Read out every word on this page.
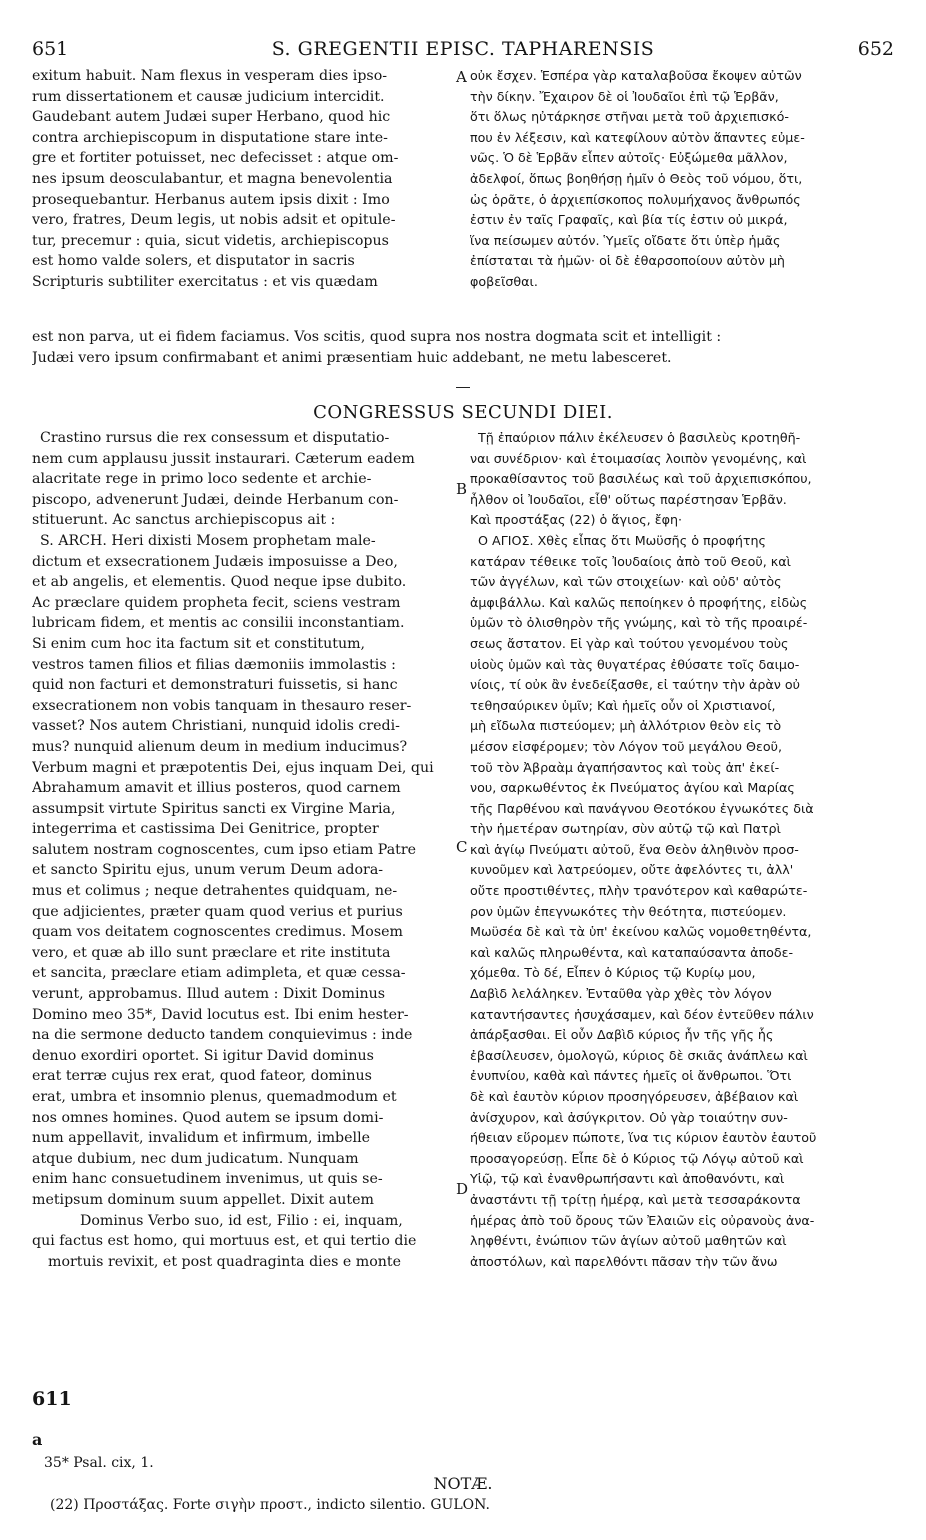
651	S. GREGENTII EPISC. TAPHARENSIS	652
exitum habuit. Nam flexus in vesperam dies ipso-
rum dissertationem et causæ judicium intercidit.
Gaudebant autem Judæi super Herbano, quod hic
contra archiepiscopum in disputatione stare inte-
gre et fortiter potuisset, nec defecisset : atque om-
nes ipsum deosculabantur, et magna benevolentia
prosequebantur. Herbanus autem ipsis dixit : Imo
vero, fratres, Deum legis, ut nobis adsit et opitule-
tur, precemur : quia, sicut videtis, archiepiscopus
est homo valde solers, et disputator in sacris
Scripturis subtiliter exercitatus : et vis quædam
A οὐκ ἔσχεν. Ἑσπέρα γὰρ καταλαβοῦσα ἔκοψεν αὐτῶν
τὴν δίκην. Ἔχαιρον δὲ οἱ Ἰουδαῖοι ἐπὶ τῷ Ἑρβᾶν,
ὅτι ὅλως ηὐτάρκησε στῆναι μετὰ τοῦ ἀρχιεπισκό-
που ἐν λέξεσιν, καὶ κατεφίλουν αὐτὸν ἅπαντες εὐμε-
νῶς. Ὁ δὲ Ἑρβᾶν εἶπεν αὐτοῖς· Εὐξώμεθα μᾶλλον,
ἀδελφοί, ὅπως βοηθήσῃ ἡμῖν ὁ Θεὸς τοῦ νόμου, ὅτι,
ὡς ὁρᾶτε, ὁ ἀρχιεπίσκοπος πολυμήχανος ἄνθρωπός
ἐστιν ἐν ταῖς Γραφαῖς, καὶ βία τίς ἐστιν οὐ μικρά,
ἵνα πείσωμεν αὐτόν. Ὑμεῖς οἴδατε ὅτι ὑπὲρ ἡμᾶς
ἐπίσταται τὰ ἡμῶν· οἱ δὲ ἐθαρσοποίουν αὐτὸν μὴ
φοβεῖσθαι.
est non parva, ut ei fidem faciamus. Vos scitis, quod supra nos nostra dogmata scit et intelligit :
Judæi vero ipsum confirmabant et animi præsentiam huic addebant, ne metu labesceret.
CONGRESSUS SECUNDI DIEI.
Crastino rursus die rex consessum et disputatio-
nem cum applausu jussit instaurari. Cæterum eadem
alacritate rege in primo loco sedente et archie-
piscopo, advenerunt Judæi, deinde Herbanum con-
stituerunt. Ac sanctus archiepiscopus ait :
S. ARCH. Heri dixisti Mosem prophetam male-
dictum et exsecrationem Judæis imposuisse a Deo,
et ab angelis, et elementis. Quod neque ipse dubito.
Ac præclare quidem propheta fecit, sciens vestram
lubricam fidem, et mentis ac consilii inconstantiam.
Si enim cum hoc ita factum sit et constitutum,
vestros tamen filios et filias dæmoniis immolastis :
quid non facturi et demonstraturi fuissetis, si hanc
exsecrationem non vobis tanquam in thesauro reser-
vasset? Nos autem Christiani, nunquid idolis credi-
mus? nunquid alienum deum in medium inducimus?
Verbum magni et præpotentis Dei, ejus inquam Dei, qui
Abrahamum amavit et illius posteros, quod carnem
assumpsit virtute Spiritus sancti ex Virgine Maria,
integerrima et castissima Dei Genitrice, propter
salutem nostram cognoscentes, cum ipso etiam Patre
et sancto Spiritu ejus, unum verum Deum adora-
mus et colimus ; neque detrahentes quidquam, ne-
que adjicientes, præter quam quod verius et purius
quam vos deitatem cognoscentes credimus. Mosem
vero, et quæ ab illo sunt præclare et rite instituta
et sancita, præclare etiam adimpleta, et quæ cessa-
verunt, approbamus. Illud autem : Dixit Dominus
Domino meo 35*, David locutus est. Ibi enim hester-
na die sermone deducto tandem conquievimus : inde
denuo exordiri oportet. Si igitur David dominus
erat terræ cujus rex erat, quod fateor, dominus
erat, umbra et insomnio plenus, quemadmodum et
nos omnes homines. Quod autem se ipsum domi-
num appellavit, invalidum et infirmum, imbelle
atque dubium, nec dum judicatum. Nunquam
enim hanc consuetudinem invenimus, ut quis se-
metipsum dominum suum appellet. Dixit autem
Dominus Verbo suo, id est, Filio : ei, inquam,
qui factus est homo, qui mortuus est, et qui tertio die
mortuis revixit, et post quadraginta dies e monte
B
C
D
611
a
Τῇ ἐπαύριον πάλιν ἐκέλευσεν ὁ βασιλεὺς κροτηθῆ-
ναι συνέδριον· καὶ ἑτοιμασίας λοιπὸν γενομένης, καὶ
προκαθίσαντος τοῦ βασιλέως καὶ τοῦ ἀρχιεπισκόπου,
ἦλθον οἱ Ἰουδαῖοι, εἶθ' οὕτως παρέστησαν Ἑρβᾶν.
Καὶ προστάξας (22) ὁ ἅγιος, ἔφη·
Ο ΑΓΙΟΣ. Χθὲς εἶπας ὅτι Μωϋσῆς ὁ προφήτης
κατάραν τέθεικε τοῖς Ἰουδαίοις ἀπὸ τοῦ Θεοῦ, καὶ
τῶν ἀγγέλων, καὶ τῶν στοιχείων· καὶ οὐδ' αὐτὸς
ἀμφιβάλλω. Καὶ καλῶς πεποίηκεν ὁ προφήτης, εἰδὼς
ὑμῶν τὸ ὀλισθηρὸν τῆς γνώμης, καὶ τὸ τῆς προαιρέ-
σεως ἄστατον. Εἰ γὰρ καὶ τούτου γενομένου τοὺς
υἱοὺς ὑμῶν καὶ τὰς θυγατέρας ἐθύσατε τοῖς δαιμο-
νίοις, τί οὐκ ἂν ἐνεδείξασθε, εἰ ταύτην τὴν ἀρὰν οὐ
τεθησαύρικεν ὑμῖν; Καὶ ἡμεῖς οὖν οἱ Χριστιανοί,
μὴ εἴδωλα πιστεύομεν; μὴ ἀλλότριον θεὸν εἰς τὸ
μέσον εἰσφέρομεν; τὸν Λόγον τοῦ μεγάλου Θεοῦ,
τοῦ τὸν Ἀβραὰμ ἀγαπήσαντος καὶ τοὺς ἀπ' ἐκεί-
νου, σαρκωθέντος ἐκ Πνεύματος ἁγίου καὶ Μαρίας
τῆς Παρθένου καὶ πανάγνου Θεοτόκου ἐγνωκότες διὰ
τὴν ἡμετέραν σωτηρίαν, σὺν αὐτῷ τῷ καὶ Πατρὶ
καὶ ἁγίῳ Πνεύματι αὐτοῦ, ἕνα Θεὸν ἀληθινὸν προσ-
κυνοῦμεν καὶ λατρεύομεν, οὔτε ἀφελόντες τι, ἀλλ'
οὔτε προστιθέντες, πλὴν τρανότερον καὶ καθαρώτε-
ρον ὑμῶν ἐπεγνωκότες τὴν θεότητα, πιστεύομεν.
Μωϋσέα δὲ καὶ τὰ ὑπ' ἐκείνου καλῶς νομοθετηθέντα,
καὶ καλῶς πληρωθέντα, καὶ καταπαύσαντα ἀποδε-
χόμεθα. Τὸ δέ, Εἶπεν ὁ Κύριος τῷ Κυρίῳ μου,
Δαβὶδ λελάληκεν. Ἐνταῦθα γὰρ χθὲς τὸν λόγον
καταντήσαντες ἡσυχάσαμεν, καὶ δέον ἐντεῦθεν πάλιν
ἀπάρξασθαι. Εἰ οὖν Δαβὶδ κύριος ἦν τῆς γῆς ἧς
ἐβασίλευσεν, ὁμολογῶ, κύριος δὲ σκιᾶς ἀνάπλεω καὶ
ἐνυπνίου, καθὰ καὶ πάντες ἡμεῖς οἱ ἄνθρωποι. Ὅτι
δὲ καὶ ἑαυτὸν κύριον προσηγόρευσεν, ἀβέβαιον καὶ
ἀνίσχυρον, καὶ ἀσύγκριτον. Οὐ γὰρ τοιαύτην συν-
ήθειαν εὕρομεν πώποτε, ἵνα τις κύριον ἑαυτὸν ἑαυτοῦ
προσαγορεύσῃ. Εἶπε δὲ ὁ Κύριος τῷ Λόγῳ αὐτοῦ καὶ
Υἱῷ, τῷ καὶ ἐνανθρωπήσαντι καὶ ἀποθανόντι, καὶ
ἀναστάντι τῇ τρίτῃ ἡμέρᾳ, καὶ μετὰ τεσσαράκοντα
ἡμέρας ἀπὸ τοῦ ὄρους τῶν Ἐλαιῶν εἰς οὐρανοὺς ἀνα-
ληφθέντι, ἐνώπιον τῶν ἁγίων αὐτοῦ μαθητῶν καὶ
ἀποστόλων, καὶ παρελθόντι πᾶσαν τὴν τῶν ἄνω
35* Psal. cix, 1.
NOTÆ.
(22) Προστάξας. Forte σιγὴν προστ., indicto silentio. GULON.
